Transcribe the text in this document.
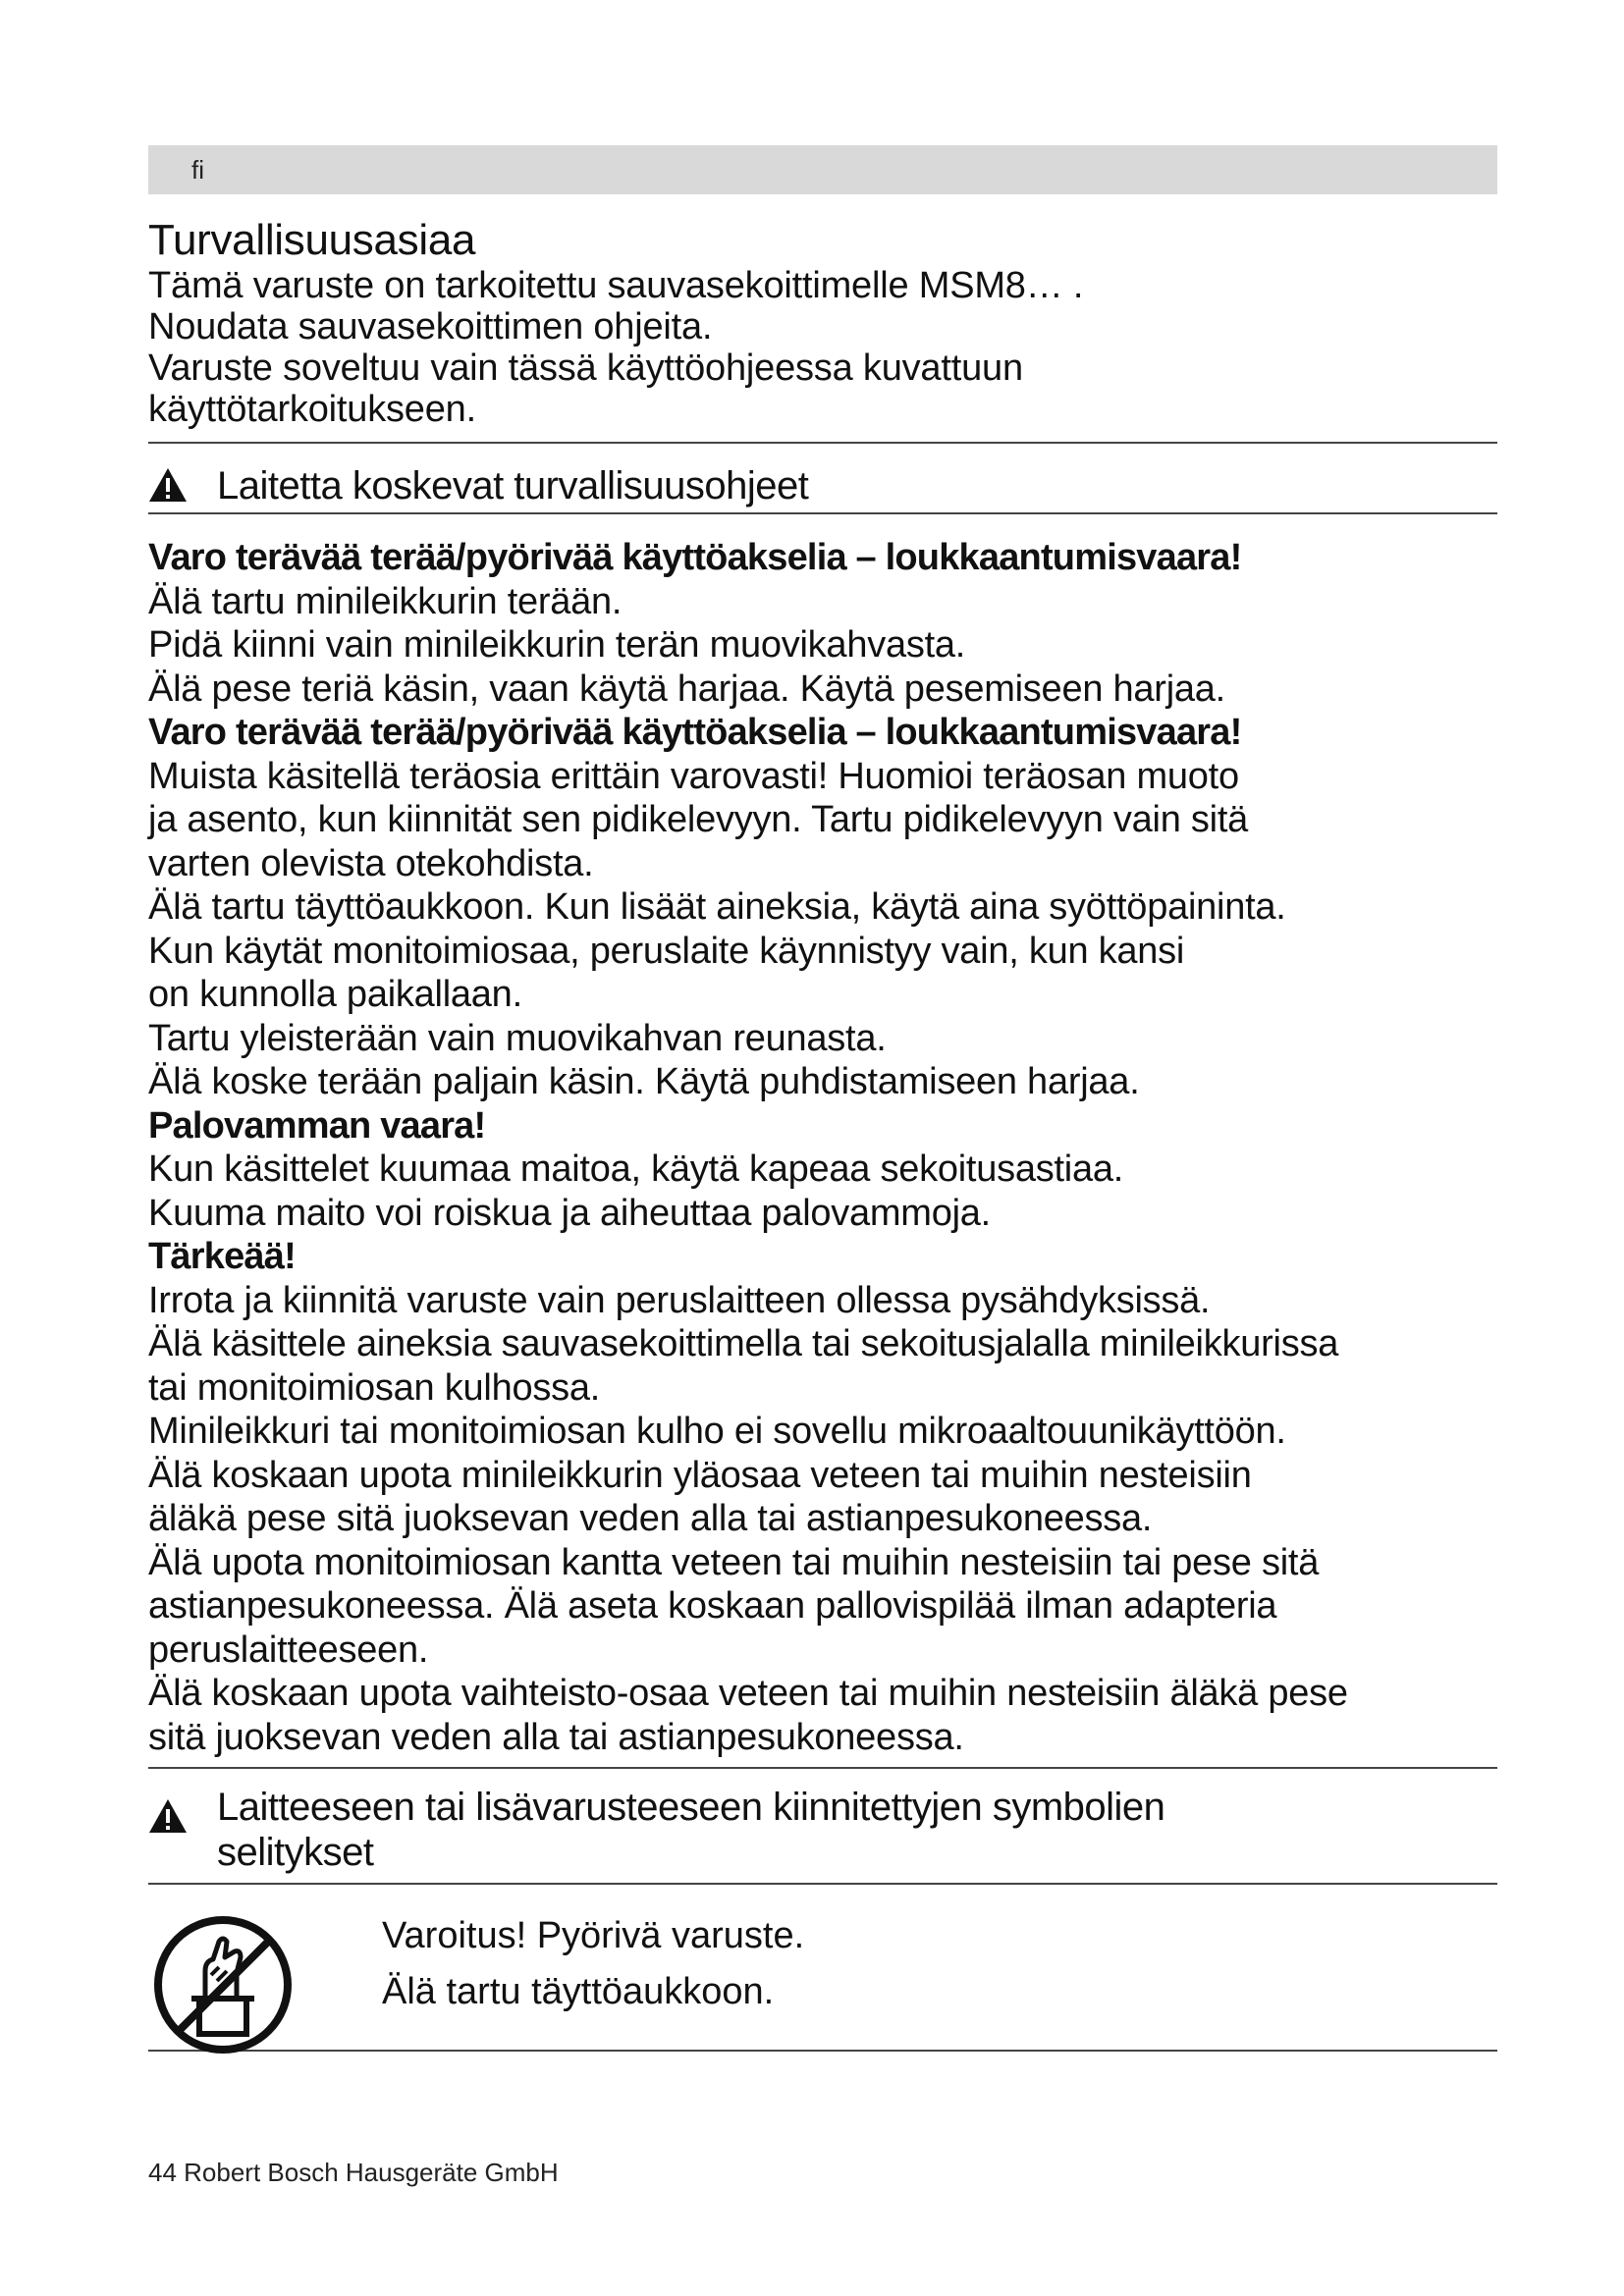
fi
Turvallisuusasiaa

Tämä varuste on tarkoitettu sauvasekoittimelle MSM8… .

Noudata sauvasekoittimen ohjeita.

Varuste soveltuu vain tässä käyttöohjeessa kuvattuun

käyttötarkoitukseen.

Laitetta koskevat turvallisuusohjeet

Varo terävää terää/pyörivää käyttöakselia – loukkaantumisvaara!

Älä tartu minileikkurin terään.

Pidä kiinni vain minileikkurin terän muovikahvasta.

Älä pese teriä käsin, vaan käytä harjaa. Käytä pesemiseen harjaa.

Varo terävää terää/pyörivää käyttöakselia – loukkaantumisvaara!

Muista käsitellä teräosia erittäin varovasti! Huomioi teräosan muoto

ja asento, kun kiinnität sen pidikelevyyn. Tartu pidikelevyyn vain sitä

varten olevista otekohdista.

Älä tartu täyttöaukkoon. Kun lisäät aineksia, käytä aina syöttöpaininta.

Kun käytät monitoimiosaa, peruslaite käynnistyy vain, kun kansi

on kunnolla paikallaan.

Tartu yleisterään vain muovikahvan reunasta.

Älä koske terään paljain käsin. Käytä puhdistamiseen harjaa.

Palovamman vaara!

Kun käsittelet kuumaa maitoa, käytä kapeaa sekoitusastiaa.

Kuuma maito voi roiskua ja aiheuttaa palovammoja.

Tärkeää!

Irrota ja kiinnitä varuste vain peruslaitteen ollessa pysähdyksissä.

Älä käsittele aineksia sauvasekoittimella tai sekoitusjalalla minileikkurissa

tai monitoimiosan kulhossa.

Minileikkuri tai monitoimiosan kulho ei sovellu mikroaaltouunikäyttöön.

Älä koskaan upota minileikkurin yläosaa veteen tai muihin nesteisiin

äläkä pese sitä juoksevan veden alla tai astianpesukoneessa.

Älä upota monitoimiosan kantta veteen tai muihin nesteisiin tai pese sitä

astianpesukoneessa. Älä aseta koskaan pallovispilää ilman adapteria

peruslaitteeseen.

Älä koskaan upota vaihteisto-osaa veteen tai muihin nesteisiin äläkä pese

sitä juoksevan veden alla tai astianpesukoneessa.

Laitteeseen tai lisävarusteeseen kiinnitettyjen symbolien
selitykset

Varoitus! Pyörivä varuste.

Älä tartu täyttöaukkoon.

44 Robert Bosch Hausgeräte GmbH
